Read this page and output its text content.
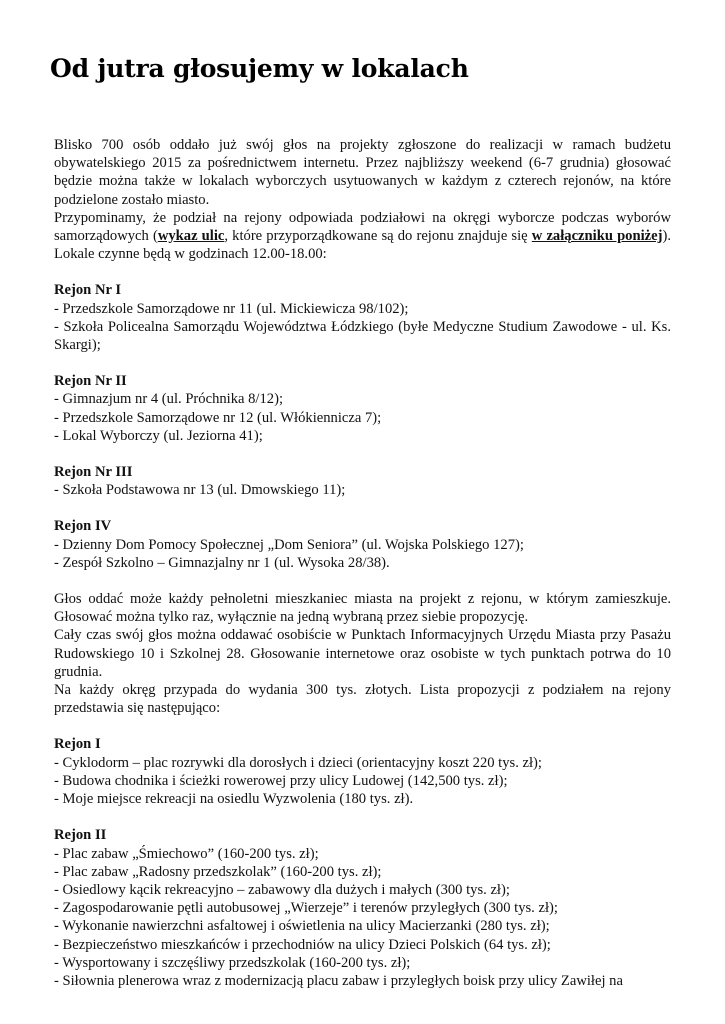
Od jutra głosujemy w lokalach

Blisko 700 osób oddało już swój głos na projekty zgłoszone do realizacji w ramach budżetu obywatelskiego 2015 za pośrednictwem internetu. Przez najbliższy weekend (6-7 grudnia) głosować będzie można także w lokalach wyborczych usytuowanych w każdym z czterech rejonów, na które podzielone zostało miasto.

Przypominamy, że podział na rejony odpowiada podziałowi na okręgi wyborcze podczas wyborów samorządowych (wykaz ulic, które przyporządkowane są do rejonu znajduje się w załączniku poniżej). Lokale czynne będą w godzinach 12.00-18.00:

Rejon Nr I

- Przedszkole Samorządowe nr 11 (ul. Mickiewicza 98/102);

- Szkoła Policealna Samorządu Województwa Łódzkiego (byłe Medyczne Studium Zawodowe - ul. Ks. Skargi);

Rejon Nr II

- Gimnazjum nr 4 (ul. Próchnika 8/12);

- Przedszkole Samorządowe nr 12 (ul. Włókiennicza 7);

- Lokal Wyborczy (ul. Jeziorna 41);

Rejon Nr III

- Szkoła Podstawowa nr 13 (ul. Dmowskiego 11);

Rejon IV

- Dzienny Dom Pomocy Społecznej „Dom Seniora” (ul. Wojska Polskiego 127);

- Zespół Szkolno – Gimnazjalny nr 1 (ul. Wysoka 28/38).

Głos oddać może każdy pełnoletni mieszkaniec miasta na projekt z rejonu, w którym zamieszkuje. Głosować można tylko raz, wyłącznie na jedną wybraną przez siebie propozycję.

Cały czas swój głos można oddawać osobiście w Punktach Informacyjnych Urzędu Miasta przy Pasażu Rudowskiego 10 i Szkolnej 28. Głosowanie internetowe oraz osobiste w tych punktach potrwa do 10 grudnia.

Na każdy okręg przypada do wydania 300 tys. złotych. Lista propozycji z podziałem na rejony przedstawia się następująco:

Rejon I

- Cyklodorm – plac rozrywki dla dorosłych i dzieci (orientacyjny koszt 220 tys. zł);

- Budowa chodnika i ścieżki rowerowej przy ulicy Ludowej (142,500 tys. zł);

- Moje miejsce rekreacji na osiedlu Wyzwolenia (180 tys. zł).

Rejon II

- Plac zabaw „Śmiechowo” (160-200 tys. zł);

- Plac zabaw „Radosny przedszkolak” (160-200 tys. zł);

- Osiedlowy kącik rekreacyjno – zabawowy dla dużych i małych (300 tys. zł);

- Zagospodarowanie pętli autobusowej „Wierzeje” i terenów przyległych (300 tys. zł);

- Wykonanie nawierzchni asfaltowej i oświetlenia na ulicy Macierzanki (280 tys. zł);

- Bezpieczeństwo mieszkańców i przechodniów na ulicy Dzieci Polskich (64 tys. zł);

- Wysportowany i szczęśliwy przedszkolak (160-200 tys. zł);

- Siłownia plenerowa wraz z modernizacją placu zabaw i przyległych boisk przy ulicy Zawiłej na
